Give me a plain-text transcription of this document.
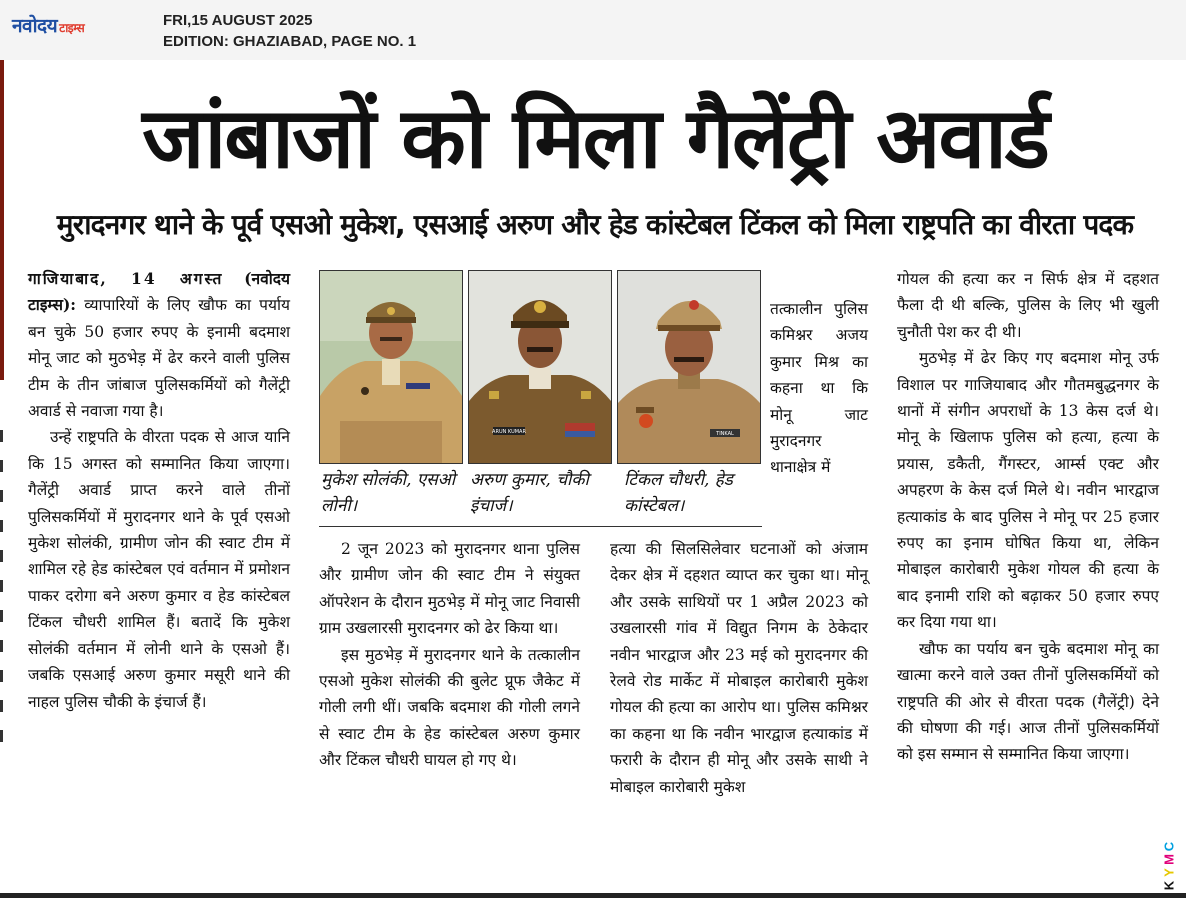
नवोदय टाइम्स	FRI,15 AUGUST 2025
EDITION: GHAZIABAD, PAGE NO. 1
जांबाजों को मिला गैलेंट्री अवार्ड
मुरादनगर थाने के पूर्व एसओ मुकेश, एसआई अरुण और हेड कांस्टेबल टिंकल को मिला राष्ट्रपति का वीरता पदक

गाजियाबाद, 14 अगस्त (नवोदय टाइम्स): व्यापारियों के लिए खौफ का पर्याय बन चुके 50 हजार रुपए के इनामी बदमाश मोनू जाट को मुठभेड़ में ढेर करने वाली पुलिस टीम के तीन जांबाज पुलिसकर्मियों को गैलेंट्री अवार्ड से नवाजा गया है।

उन्हें राष्ट्रपति के वीरता पदक से आज यानि कि 15 अगस्त को सम्मानित किया जाएगा। गैलेंट्री अवार्ड प्राप्त करने वाले तीनों पुलिसकर्मियों में मुरादनगर थाने के पूर्व एसओ मुकेश सोलंकी, ग्रामीण जोन की स्वाट टीम में शामिल रहे हेड कांस्टेबल एवं वर्तमान में प्रमोशन पाकर दरोगा बने अरुण कुमार व हेड कांस्टेबल टिंकल चौधरी शामिल हैं। बतादें कि मुकेश सोलंकी वर्तमान में लोनी थाने के एसओ हैं। जबकि एसआई अरुण कुमार मसूरी थाने की नाहल पुलिस चौकी के इंचार्ज हैं।

ARUN KUMAR	TINKAL
मुकेश सोलंकी, एसओ लोनी।
अरुण कुमार, चौकी इंचार्ज।
टिंकल चौधरी, हेड कांस्टेबल।

2 जून 2023 को मुरादनगर थाना पुलिस और ग्रामीण जोन की स्वाट टीम ने संयुक्त ऑपरेशन के दौरान मुठभेड़ में मोनू जाट निवासी ग्राम उखलारसी मुरादनगर को ढेर किया था।

इस मुठभेड़ में मुरादनगर थाने के तत्कालीन एसओ मुकेश सोलंकी की बुलेट प्रूफ जैकेट में गोली लगी थीं। जबकि बदमाश की गोली लगने से स्वाट टीम के हेड कांस्टेबल अरुण कुमार और टिंकल चौधरी घायल हो गए थे।

तत्कालीन पुलिस कमिश्नर अजय कुमार मिश्र का कहना था कि मोनू जाट मुरादनगर थानाक्षेत्र में

हत्या की सिलसिलेवार घटनाओं को अंजाम देकर क्षेत्र में दहशत व्याप्त कर चुका था। मोनू और उसके साथियों पर 1 अप्रैल 2023 को उखलारसी गांव में विद्युत निगम के ठेकेदार नवीन भारद्वाज और 23 मई को मुरादनगर की रेलवे रोड मार्केट में मोबाइल कारोबारी मुकेश गोयल की हत्या का आरोप था। पुलिस कमिश्नर का कहना था कि नवीन भारद्वाज हत्याकांड में फरारी के दौरान ही मोनू और उसके साथी ने मोबाइल कारोबारी मुकेश

गोयल की हत्या कर न सिर्फ क्षेत्र में दहशत फैला दी थी बल्कि, पुलिस के लिए भी खुली चुनौती पेश कर दी थी।

मुठभेड़ में ढेर किए गए बदमाश मोनू उर्फ विशाल पर गाजियाबाद और गौतमबुद्धनगर के थानों में संगीन अपराधों के 13 केस दर्ज थे। मोनू के खिलाफ पुलिस को हत्या, हत्या के प्रयास, डकैती, गैंगस्टर, आर्म्स एक्ट और अपहरण के केस दर्ज मिले थे। नवीन भारद्वाज हत्याकांड के बाद पुलिस ने मोनू पर 25 हजार रुपए का इनाम घोषित किया था, लेकिन मोबाइल कारोबारी मुकेश गोयल की हत्या के बाद इनामी राशि को बढ़ाकर 50 हजार रुपए कर दिया गया था।

खौफ का पर्याय बन चुके बदमाश मोनू का खात्मा करने वाले उक्त तीनों पुलिसकर्मियों को राष्ट्रपति की ओर से वीरता पदक (गैलेंट्री) देने की घोषणा की गई। आज तीनों पुलिसकर्मियों को इस सम्मान से सम्मानित किया जाएगा।

C
M
Y
K
